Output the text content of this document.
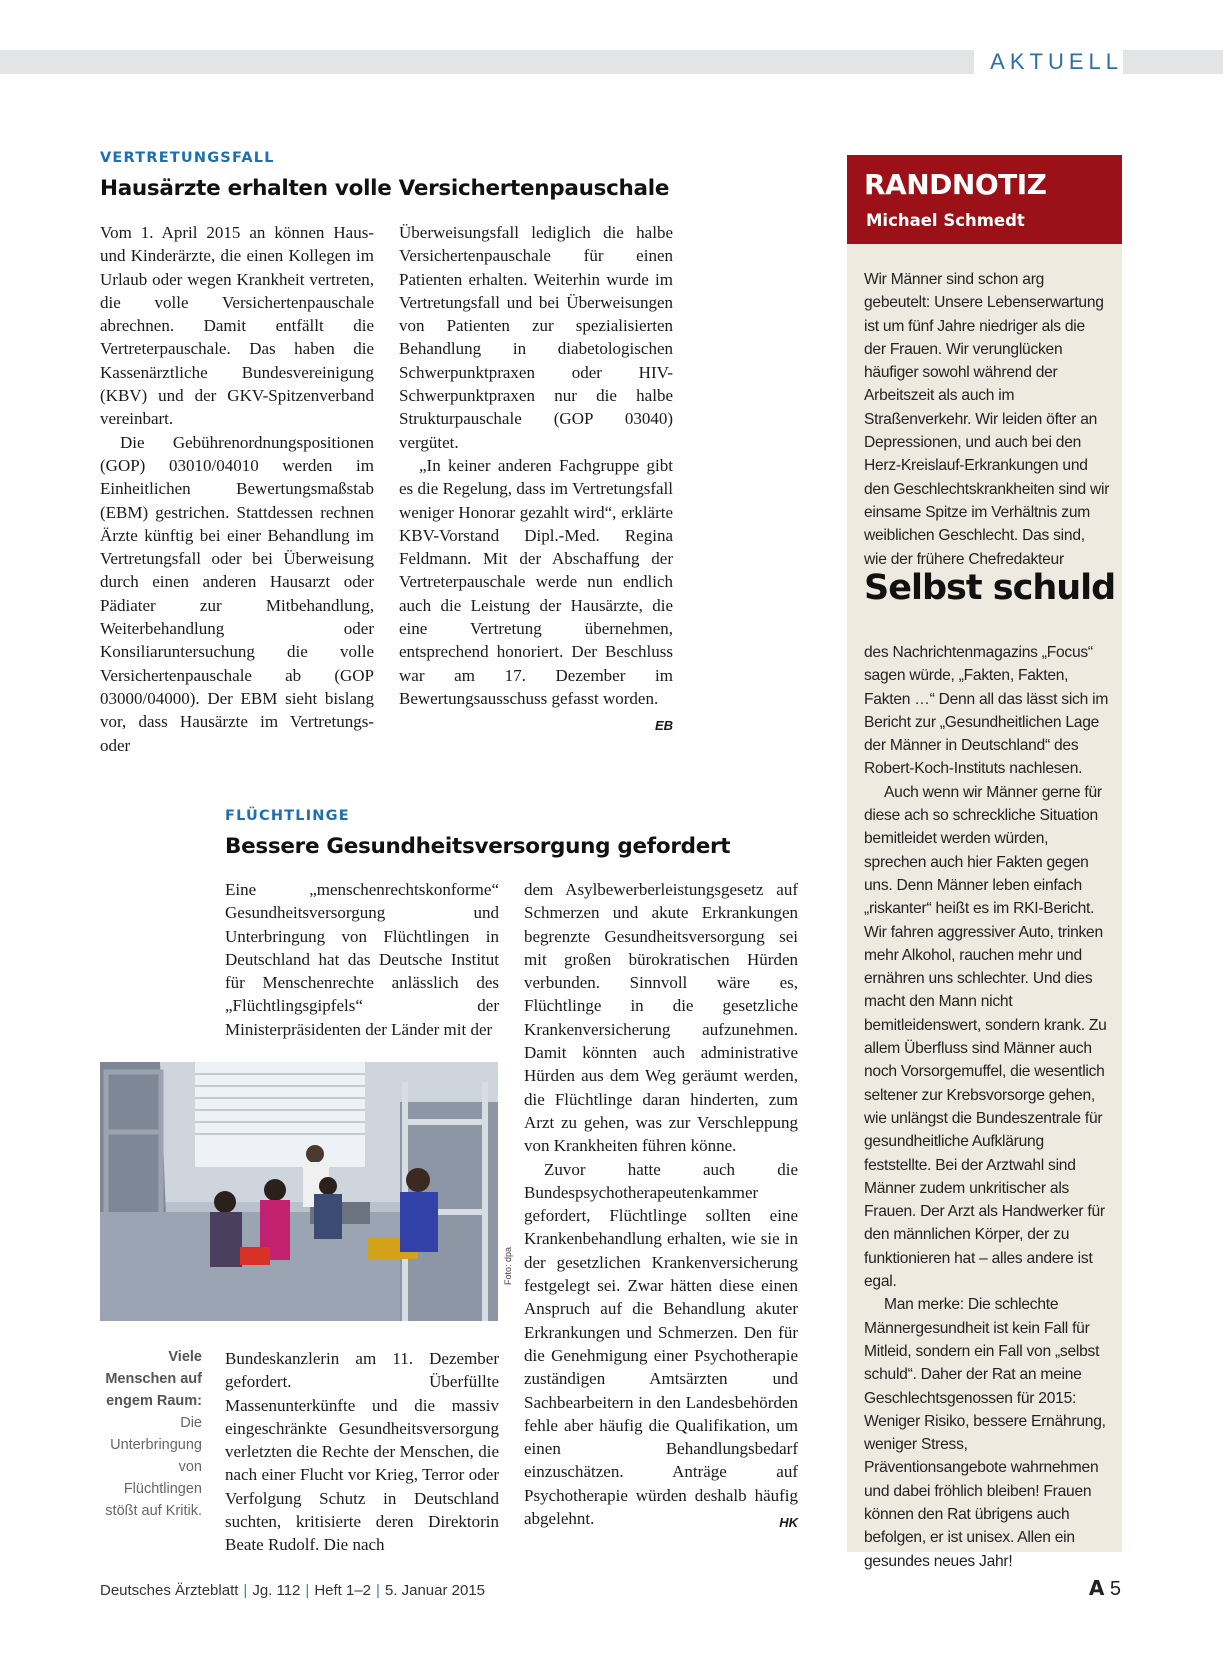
AKTUELL
VERTRETUNGSFALL
Hausärzte erhalten volle Versichertenpauschale

Vom 1. April 2015 an können Haus- und Kinderärzte, die einen Kollegen im Urlaub oder wegen Krankheit vertreten, die volle Versichertenpauschale abrechnen. Damit entfällt die Vertreterpauschale. Das haben die Kassenärztliche Bundesvereinigung (KBV) und der GKV-Spitzenverband vereinbart.

Die Gebührenordnungspositionen (GOP) 03010/04010 werden im Einheitlichen Bewertungsmaßstab (EBM) gestrichen. Stattdessen rechnen Ärzte künftig bei einer Behandlung im Vertretungsfall oder bei Überweisung durch einen anderen Hausarzt oder Pädiater zur Mitbehandlung, Weiterbehandlung oder Konsiliaruntersuchung die volle Versichertenpauschale ab (GOP 03000/04000). Der EBM sieht bislang vor, dass Hausärzte im Vertretungs- oder

Überweisungsfall lediglich die halbe Versichertenpauschale für einen Patienten erhalten. Weiterhin wurde im Vertretungsfall und bei Überweisungen von Patienten zur spezialisierten Behandlung in diabetologischen Schwerpunktpraxen oder HIV-Schwerpunktpraxen nur die halbe Strukturpauschale (GOP 03040) vergütet.

„In keiner anderen Fachgruppe gibt es die Regelung, dass im Vertretungsfall weniger Honorar gezahlt wird“, erklärte KBV-Vorstand Dipl.-Med. Regina Feldmann. Mit der Abschaffung der Vertreterpauschale werde nun endlich auch die Leistung der Hausärzte, die eine Vertretung übernehmen, entsprechend honoriert. Der Beschluss war am 17. Dezember im Bewertungsausschuss gefasst worden.
EB

FLÜCHTLINGE
Bessere Gesundheitsversorgung gefordert

Eine „menschenrechtskonforme“ Gesundheitsversorgung und Unterbringung von Flüchtlingen in Deutschland hat das Deutsche Institut für Menschenrechte anlässlich des „Flüchtlingsgipfels“ der Ministerpräsidenten der Länder mit der

Foto: dpa
Viele Menschen auf engem Raum: Die Unterbringung von Flüchtlingen stößt auf Kritik.

Bundeskanzlerin am 11. Dezember gefordert. Überfüllte Massenunterkünfte und die massiv eingeschränkte Gesundheitsversorgung verletzten die Rechte der Menschen, die nach einer Flucht vor Krieg, Terror oder Verfolgung Schutz in Deutschland suchten, kritisierte deren Direktorin Beate Rudolf. Die nach

dem Asylbewerberleistungsgesetz auf Schmerzen und akute Erkrankungen begrenzte Gesundheitsversorgung sei mit großen bürokratischen Hürden verbunden. Sinnvoll wäre es, Flüchtlinge in die gesetzliche Krankenversicherung aufzunehmen. Damit könnten auch administrative Hürden aus dem Weg geräumt werden, die Flüchtlinge daran hinderten, zum Arzt zu gehen, was zur Verschleppung von Krankheiten führen könne.

Zuvor hatte auch die Bundespsychotherapeutenkammer gefordert, Flüchtlinge sollten eine Krankenbehandlung erhalten, wie sie in der gesetzlichen Krankenversicherung festgelegt sei. Zwar hätten diese einen Anspruch auf die Behandlung akuter Erkrankungen und Schmerzen. Den für die Genehmigung einer Psychotherapie zuständigen Amtsärzten und Sachbearbeitern in den Landesbehörden fehle aber häufig die Qualifikation, um einen Behandlungsbedarf einzuschätzen. Anträge auf Psychotherapie würden deshalb häufig abgelehnt.	HK

RANDNOTIZ
Michael Schmedt

Wir Männer sind schon arg gebeutelt: Unsere Lebenserwartung ist um fünf Jahre niedriger als die der Frauen. Wir verunglücken häufiger sowohl während der Arbeitszeit als auch im Straßenverkehr. Wir leiden öfter an Depressionen, und auch bei den Herz-Kreislauf-Erkrankungen und den Geschlechtskrankheiten sind wir einsame Spitze im Verhältnis zum weiblichen Geschlecht. Das sind, wie der frühere Chefredakteur

Selbst schuld

des Nachrichtenmagazins „Focus“ sagen würde, „Fakten, Fakten, Fakten …“ Denn all das lässt sich im Bericht zur „Gesundheitlichen Lage der Männer in Deutschland“ des Robert-Koch-Instituts nachlesen.

Auch wenn wir Männer gerne für diese ach so schreckliche Situation bemitleidet werden würden, sprechen auch hier Fakten gegen uns. Denn Männer leben einfach „riskanter“ heißt es im RKI-Bericht. Wir fahren aggressiver Auto, trinken mehr Alkohol, rauchen mehr und ernähren uns schlechter. Und dies macht den Mann nicht bemitleidenswert, sondern krank. Zu allem Überfluss sind Männer auch noch Vorsorgemuffel, die wesentlich seltener zur Krebsvorsorge gehen, wie unlängst die Bundeszentrale für gesundheitliche Aufklärung feststellte. Bei der Arztwahl sind Männer zudem unkritischer als Frauen. Der Arzt als Handwerker für den männlichen Körper, der zu funktionieren hat – alles andere ist egal.

Man merke: Die schlechte Männergesundheit ist kein Fall für Mitleid, sondern ein Fall von „selbst schuld“. Daher der Rat an meine Geschlechtsgenossen für 2015: Weniger Risiko, bessere Ernährung, weniger Stress, Präventionsangebote wahrnehmen und dabei fröhlich bleiben! Frauen können den Rat übrigens auch befolgen, er ist unisex. Allen ein gesundes neues Jahr!

Deutsches Ärzteblatt | Jg. 112 | Heft 1–2 | 5. Januar 2015	A 5
